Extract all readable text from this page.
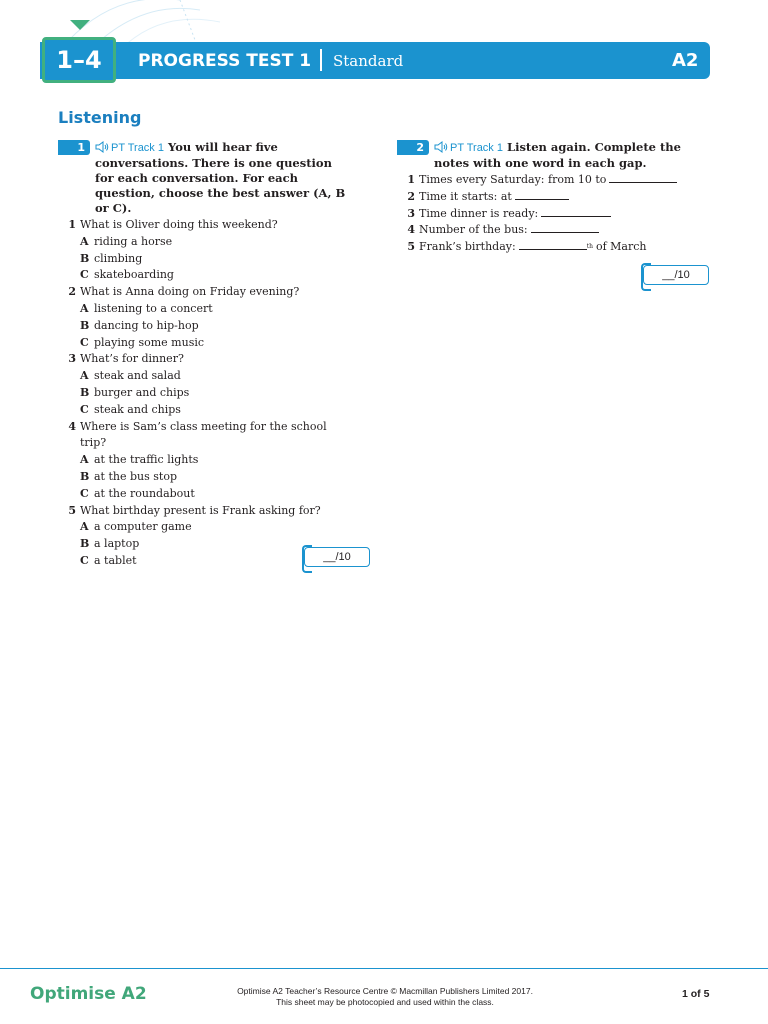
1–4	PROGRESS TEST 1 Standard	A2
Listening
1	PT Track 1 You will hear five conversations. There is one question for each conversation. For each question, choose the best answer (A, B or C).
1 What is Oliver doing this weekend?
A riding a horse
B climbing
C skateboarding
2 What is Anna doing on Friday evening?
A listening to a concert
B dancing to hip-hop
C playing some music
3 What’s for dinner?
A steak and salad
B burger and chips
C steak and chips
4 Where is Sam’s class meeting for the school trip?
A at the traffic lights
B at the bus stop
C at the roundabout
5 What birthday present is Frank asking for?
A a computer game
B a laptop
C a tablet	__/10
2	PT Track 1 Listen again. Complete the notes with one word in each gap.
1 Times every Saturday: from 10 to
2 Time it starts: at
3 Time dinner is ready:
4 Number of the bus:
5 Frank’s birthday:	$^{th}$ of March
__/10
Optimise A2	Optimise A2 Teacher’s Resource Centre © Macmillan Publishers Limited 2017.
This sheet may be photocopied and used within the class.
1 of 5
